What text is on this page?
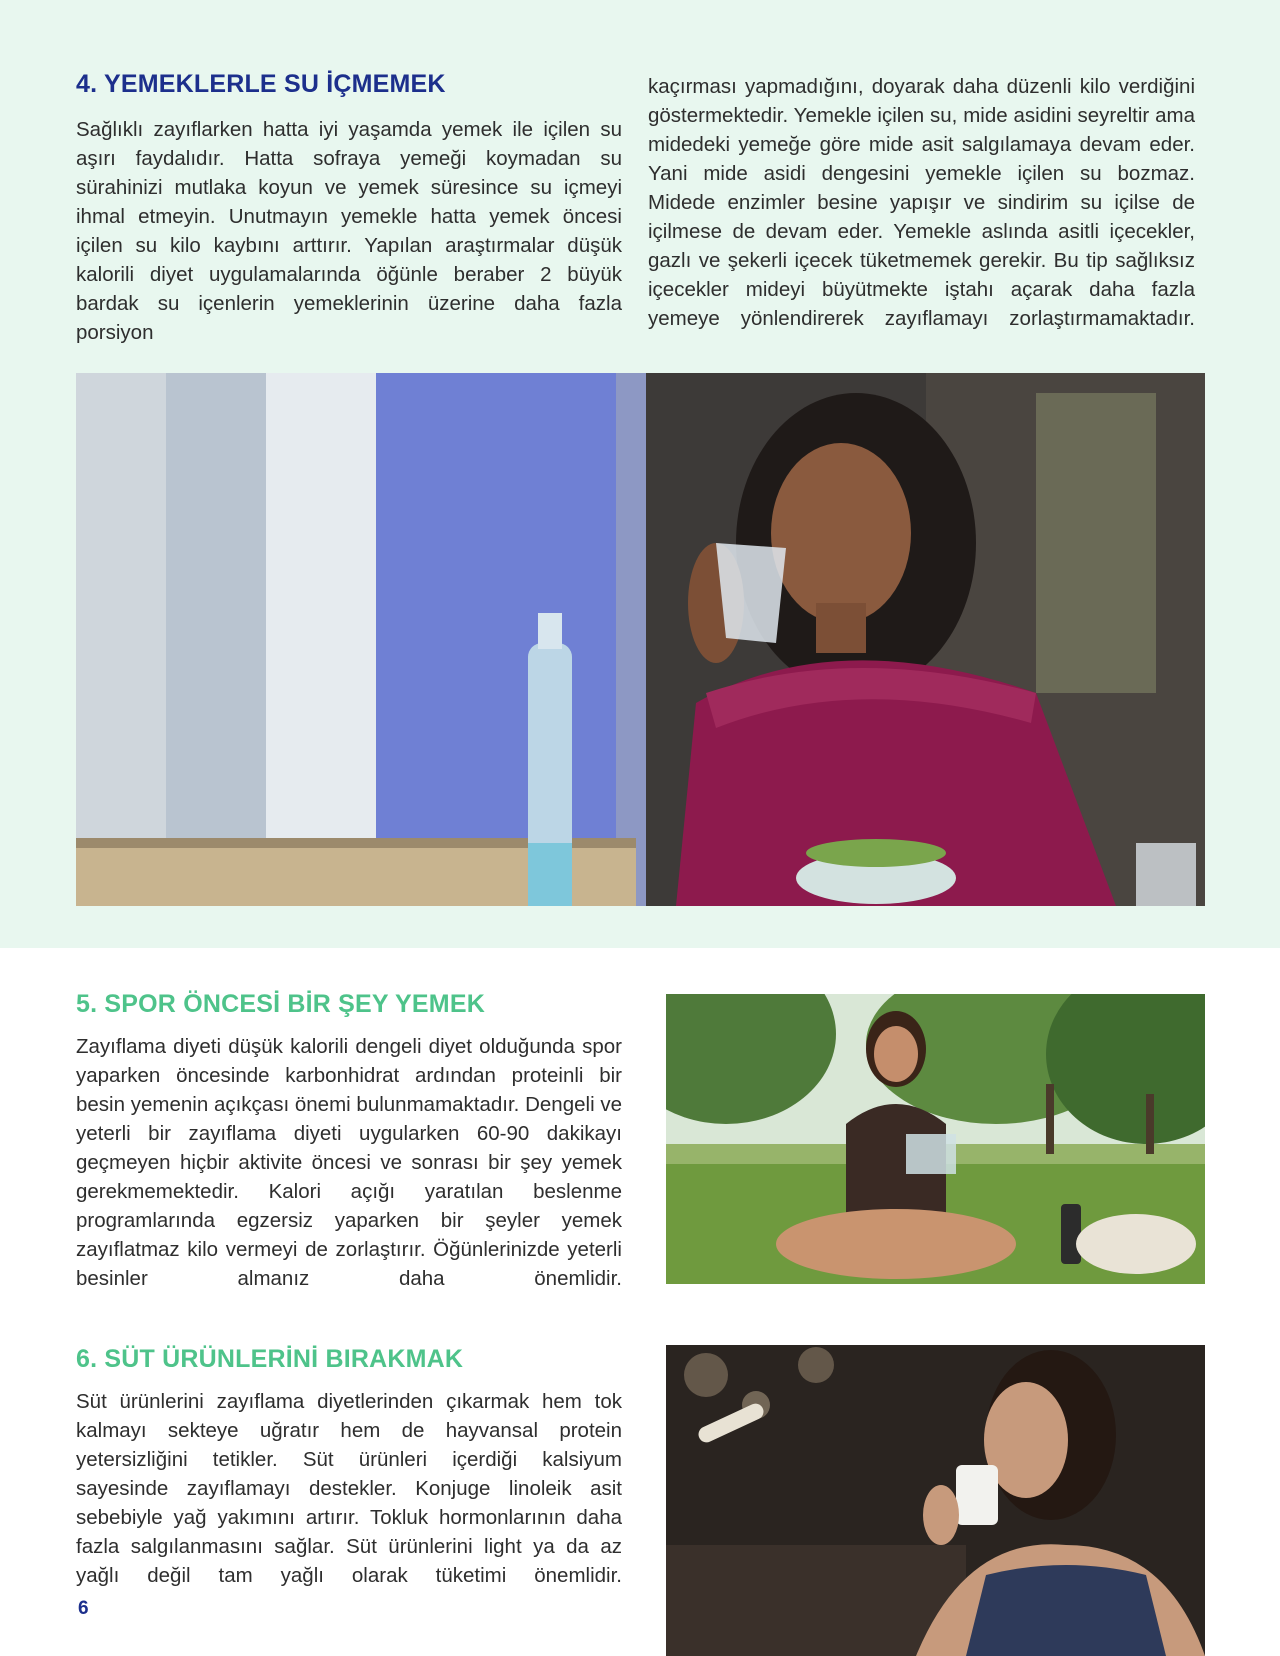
4. YEMEKLERLE SU İÇMEMEK

Sağlıklı zayıflarken hatta iyi yaşamda yemek ile içilen su aşırı faydalıdır. Hatta sofraya yemeği koymadan su sürahinizi mutlaka koyun ve yemek süresince su içmeyi ihmal etmeyin. Unutmayın yemekle hatta yemek öncesi içilen su kilo kaybını arttırır. Yapılan araştırmalar düşük kalorili diyet uygulamalarında öğünle beraber 2 büyük bardak su içenlerin yemeklerinin üzerine daha fazla porsiyon

kaçırması yapmadığını, doyarak daha düzenli kilo verdiğini göstermektedir. Yemekle içilen su, mide asidini seyreltir ama midedeki yemeğe göre mide asit salgılamaya devam eder. Yani mide asidi dengesini yemekle içilen su bozmaz. Midede enzimler besine yapışır ve sindirim su içilse de içilmese de devam eder. Yemekle aslında asitli içecekler, gazlı ve şekerli içecek tüketmemek gerekir. Bu tip sağlıksız içecekler mideyi büyütmekte iştahı açarak daha fazla yemeye yönlendirerek zayıflamayı zorlaştırmamaktadır.

5. SPOR ÖNCESİ BİR ŞEY YEMEK

Zayıflama diyeti düşük kalorili dengeli diyet olduğunda spor yaparken öncesinde karbonhidrat ardından proteinli bir besin yemenin açıkçası önemi bulunmamaktadır. Dengeli ve yeterli bir zayıflama diyeti uygularken 60-90 dakikayı geçmeyen hiçbir aktivite öncesi ve sonrası bir şey yemek gerekmemektedir. Kalori açığı yaratılan beslenme programlarında egzersiz yaparken bir şeyler yemek zayıflatmaz kilo vermeyi de zorlaştırır. Öğünlerinizde yeterli besinler almanız daha önemlidir.

6. SÜT ÜRÜNLERİNİ BIRAKMAK

Süt ürünlerini zayıflama diyetlerinden çıkarmak hem tok kalmayı sekteye uğratır hem de hayvansal protein yetersizliğini tetikler. Süt ürünleri içerdiği kalsiyum sayesinde zayıflamayı destekler. Konjuge linoleik asit sebebiyle yağ yakımını artırır. Tokluk hormonlarının daha fazla salgılanmasını sağlar. Süt ürünlerini light ya da az yağlı değil tam yağlı olarak tüketimi önemlidir.

6
